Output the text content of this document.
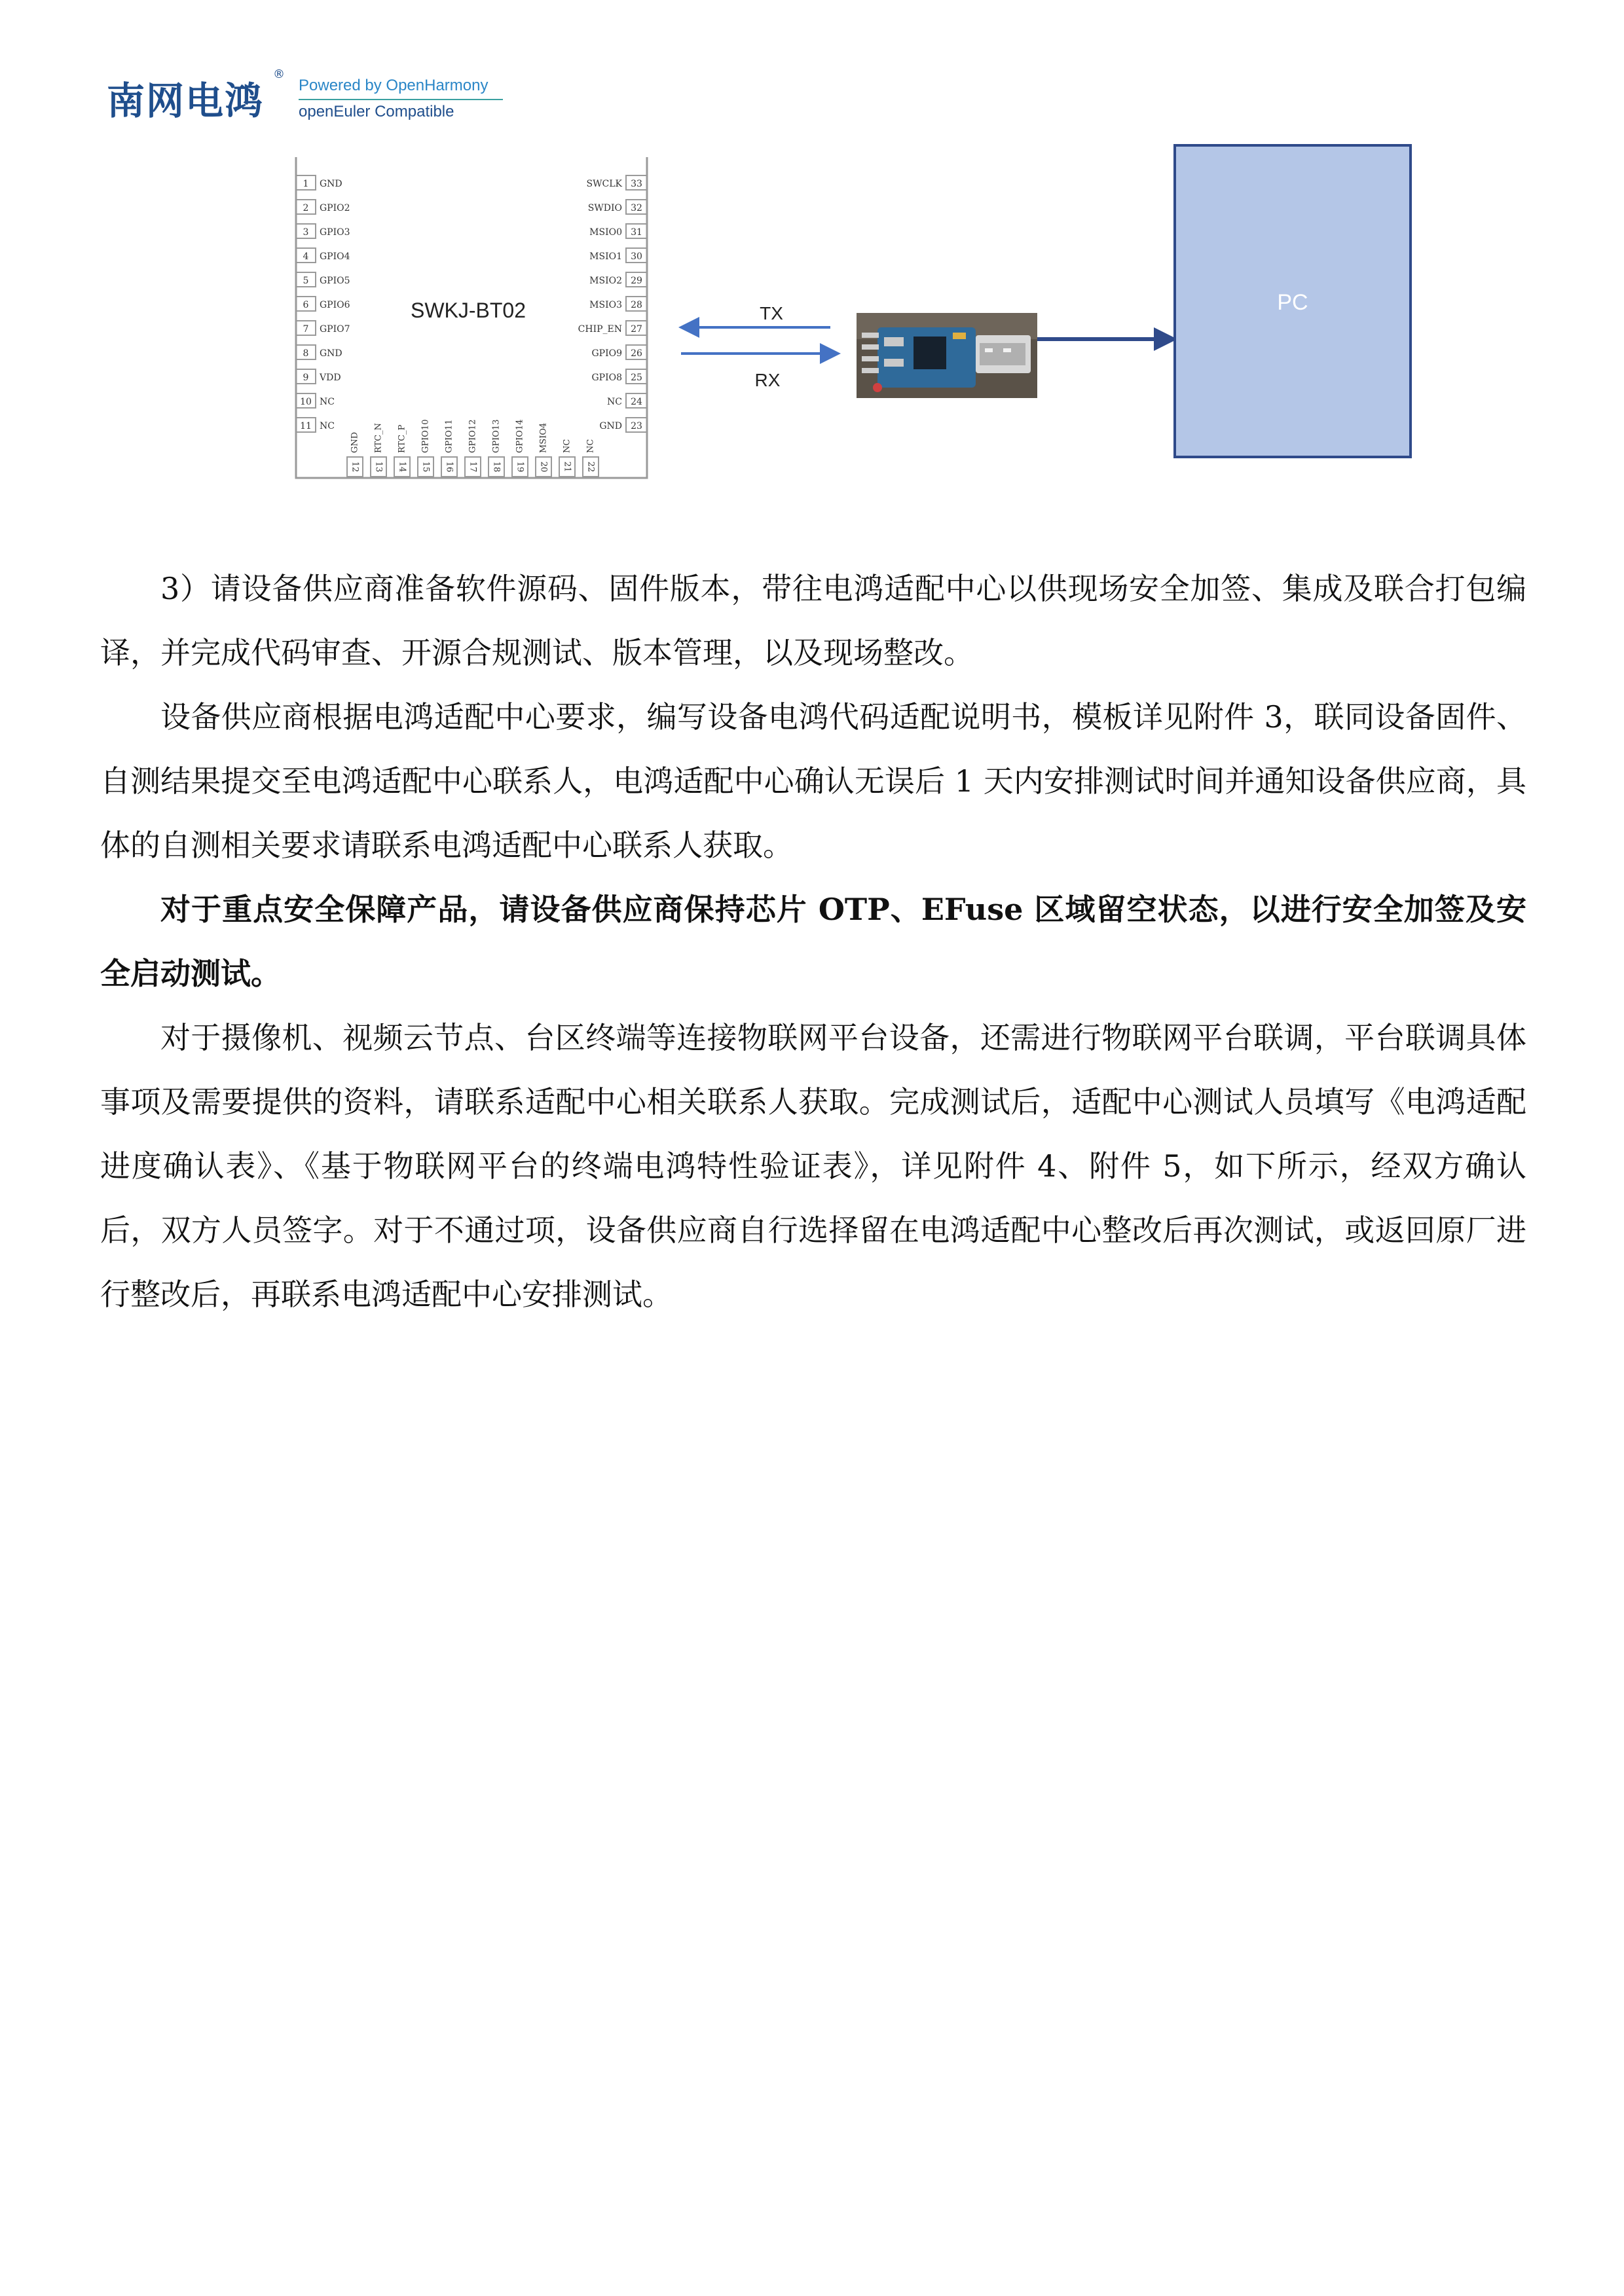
南网电鸿
®
Powered by OpenHarmony
openEuler Compatible
1 GND
2 GPIO2
3 GPIO3
4 GPIO4
5 GPIO5
6 GPIO6
7 GPIO7
8 GND
9 VDD
10 NC
11 NC
33
SWCLK
32
SWDIO
31
MSIO0
30
MSIO1
29
MSIO2
28
MSIO3
27
CHIP_EN
26
GPIO9
25
GPIO8
24
NC
23
GND
12
GND
13
RTC_N
14
RTC_P
15
GPIO10
16
GPIO11
17
GPIO12
18
GPIO13
19
GPIO14
20
MSIO4
21
NC
22
NC
SWKJ-BT02	TX
RX
PC

3）请设备供应商准备软件源码、固件版本，带往电鸿适配中心以供现场安全加签、集成及联合打包编译，并完成代码审查、开源合规测试、版本管理，以及现场整改。

设备供应商根据电鸿适配中心要求，编写设备电鸿代码适配说明书，模板详见附件 3，联同设备固件、自测结果提交至电鸿适配中心联系人，电鸿适配中心确认无误后 1 天内安排测试时间并通知设备供应商，具体的自测相关要求请联系电鸿适配中心联系人获取。

对于重点安全保障产品，请设备供应商保持芯片 OTP、EFuse 区域留空状态，以进行安全加签及安全启动测试。

对于摄像机、视频云节点、台区终端等连接物联网平台设备，还需进行物联网平台联调，平台联调具体事项及需要提供的资料，请联系适配中心相关联系人获取。完成测试后，适配中心测试人员填写《电鸿适配进度确认表》、《基于物联网平台的终端电鸿特性验证表》，详见附件 4、附件 5，如下所示，经双方确认后，双方人员签字。对于不通过项，设备供应商自行选择留在电鸿适配中心整改后再次测试，或返回原厂进行整改后，再联系电鸿适配中心安排测试。
